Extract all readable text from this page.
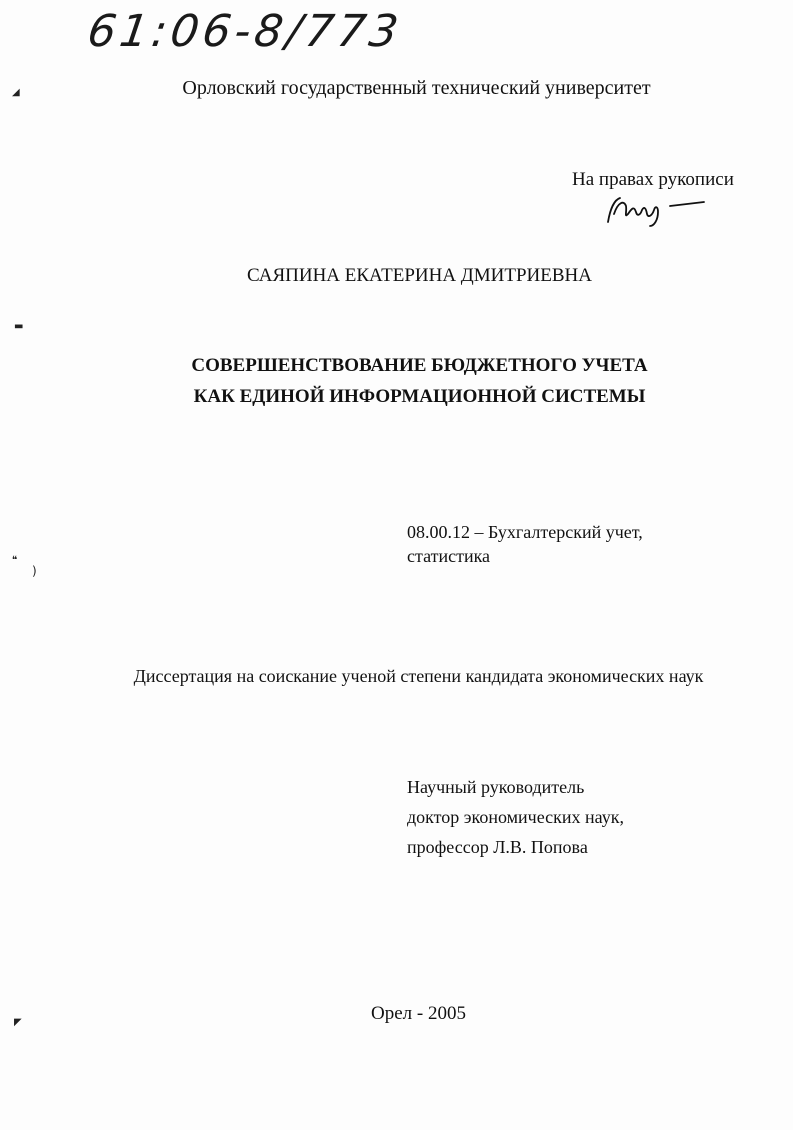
61:06-8/773
◢
▬
❝
)
◤
Орловский государственный технический университет
На правах рукописи
САЯПИНА ЕКАТЕРИНА ДМИТРИЕВНА
СОВЕРШЕНСТВОВАНИЕ БЮДЖЕТНОГО УЧЕТА
КАК ЕДИНОЙ ИНФОРМАЦИОННОЙ СИСТЕМЫ
08.00.12 – Бухгалтерский учет,
статистика
Диссертация на соискание ученой степени кандидата экономических наук
Научный руководитель
доктор экономических наук,
профессор Л.В. Попова
Орел - 2005
